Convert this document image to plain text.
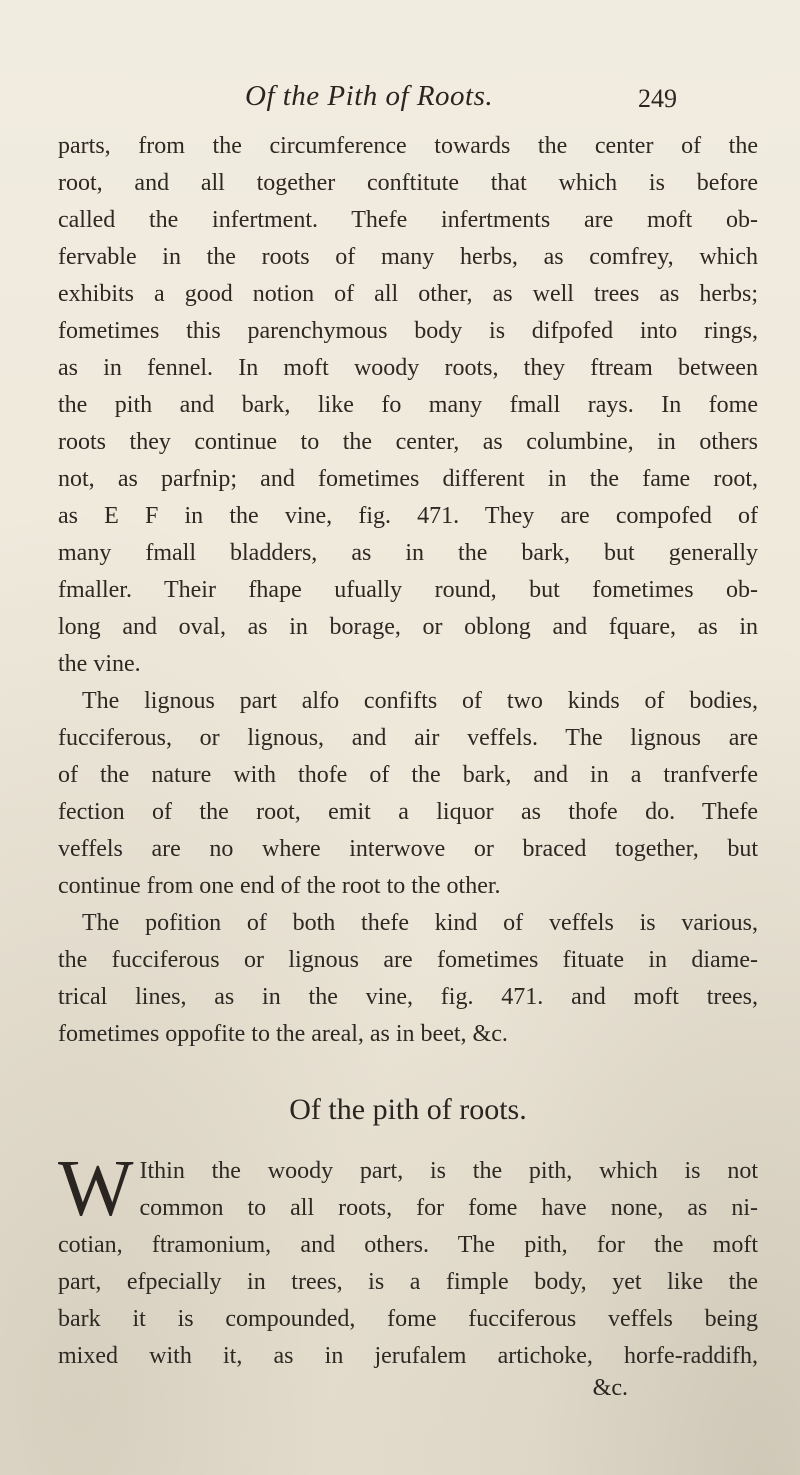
Of the Pith of Roots.	249

parts, from the circumference towards the center of the
root, and all together conftitute that which is before
called the infertment. Thefe infertments are moft ob-
fervable in the roots of many herbs, as comfrey, which
exhibits a good notion of all other, as well trees as herbs;
fometimes this parenchymous body is difpofed into rings,
as in fennel. In moft woody roots, they ftream between
the pith and bark, like fo many fmall rays. In fome
roots they continue to the center, as columbine, in others
not, as parfnip; and fometimes different in the fame root,
as E F in the vine, fig. 471. They are compofed of
many fmall bladders, as in the bark, but generally
fmaller. Their fhape ufually round, but fometimes ob-
long and oval, as in borage, or oblong and fquare, as in
the vine.

The lignous part alfo confifts of two kinds of bodies,

fucciferous, or lignous, and air veffels. The lignous are
of the nature with thofe of the bark, and in a tranfverfe
fection of the root, emit a liquor as thofe do. Thefe
veffels are no where interwove or braced together, but
continue from one end of the root to the other.

The pofition of both thefe kind of veffels is various,

the fucciferous or lignous are fometimes fituate in diame-
trical lines, as in the vine, fig. 471. and moft trees,
fometimes oppofite to the areal, as in beet, &c.

Of the pith of roots.
W Ithin the woody part, is the pith, which is not
common to all roots, for fome have none, as ni-

cotian, ftramonium, and others. The pith, for the moft
part, efpecially in trees, is a fimple body, yet like the
bark it is compounded, fome fucciferous veffels being
mixed with it, as in jerufalem artichoke, horfe-raddifh,

&c.
